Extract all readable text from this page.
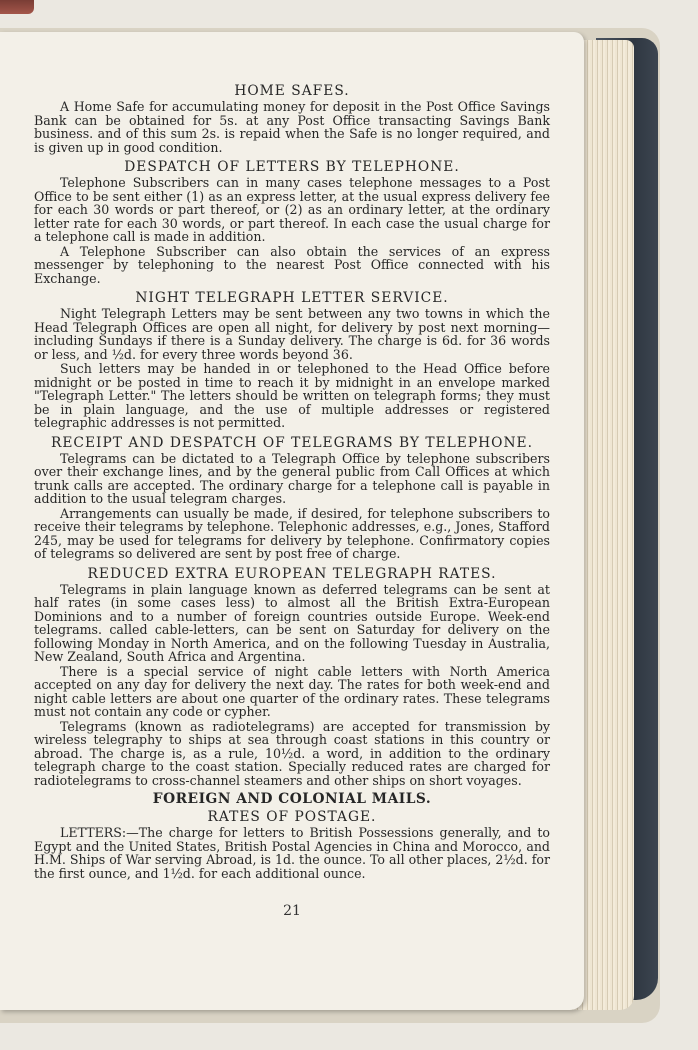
HOME SAFES.

A Home Safe for accumulating money for deposit in the Post Office Savings Bank can be obtained for 5s. at any Post Office transacting Savings Bank business. and of this sum 2s. is repaid when the Safe is no longer required, and is given up in good condition.

DESPATCH OF LETTERS BY TELEPHONE.

Telephone Subscribers can in many cases telephone messages to a Post Office to be sent either (1) as an express letter, at the usual express delivery fee for each 30 words or part thereof, or (2) as an ordinary letter, at the ordinary letter rate for each 30 words, or part thereof. In each case the usual charge for a telephone call is made in addition.

A Telephone Subscriber can also obtain the services of an express messenger by telephoning to the nearest Post Office connected with his Exchange.

NIGHT TELEGRAPH LETTER SERVICE.

Night Telegraph Letters may be sent between any two towns in which the Head Telegraph Offices are open all night, for delivery by post next morning—including Sundays if there is a Sunday delivery. The charge is 6d. for 36 words or less, and ½d. for every three words beyond 36.

Such letters may be handed in or telephoned to the Head Office before midnight or be posted in time to reach it by midnight in an envelope marked "Telegraph Letter." The letters should be written on telegraph forms; they must be in plain language, and the use of multiple addresses or registered telegraphic addresses is not permitted.

RECEIPT AND DESPATCH OF TELEGRAMS BY TELEPHONE.

Telegrams can be dictated to a Telegraph Office by telephone subscribers over their exchange lines, and by the general public from Call Offices at which trunk calls are accepted. The ordinary charge for a telephone call is payable in addition to the usual telegram charges.

Arrangements can usually be made, if desired, for telephone subscribers to receive their telegrams by telephone. Telephonic addresses, e.g., Jones, Stafford 245, may be used for telegrams for delivery by telephone. Confirmatory copies of telegrams so delivered are sent by post free of charge.

REDUCED EXTRA EUROPEAN TELEGRAPH RATES.

Telegrams in plain language known as deferred telegrams can be sent at half rates (in some cases less) to almost all the British Extra-European Dominions and to a number of foreign countries outside Europe. Week-end telegrams. called cable-letters, can be sent on Saturday for delivery on the following Monday in North America, and on the following Tuesday in Australia, New Zealand, South Africa and Argentina.

There is a special service of night cable letters with North America accepted on any day for delivery the next day. The rates for both week-end and night cable letters are about one quarter of the ordinary rates. These telegrams must not contain any code or cypher.

Telegrams (known as radiotelegrams) are accepted for transmission by wireless telegraphy to ships at sea through coast stations in this country or abroad. The charge is, as a rule, 10½d. a word, in addition to the ordinary telegraph charge to the coast station. Specially reduced rates are charged for radiotelegrams to cross-channel steamers and other ships on short voyages.

FOREIGN AND COLONIAL MAILS.
RATES OF POSTAGE.

LETTERS:—The charge for letters to British Possessions generally, and to Egypt and the United States, British Postal Agencies in China and Morocco, and H.M. Ships of War serving Abroad, is 1d. the ounce. To all other places, 2½d. for the first ounce, and 1½d. for each additional ounce.

21
